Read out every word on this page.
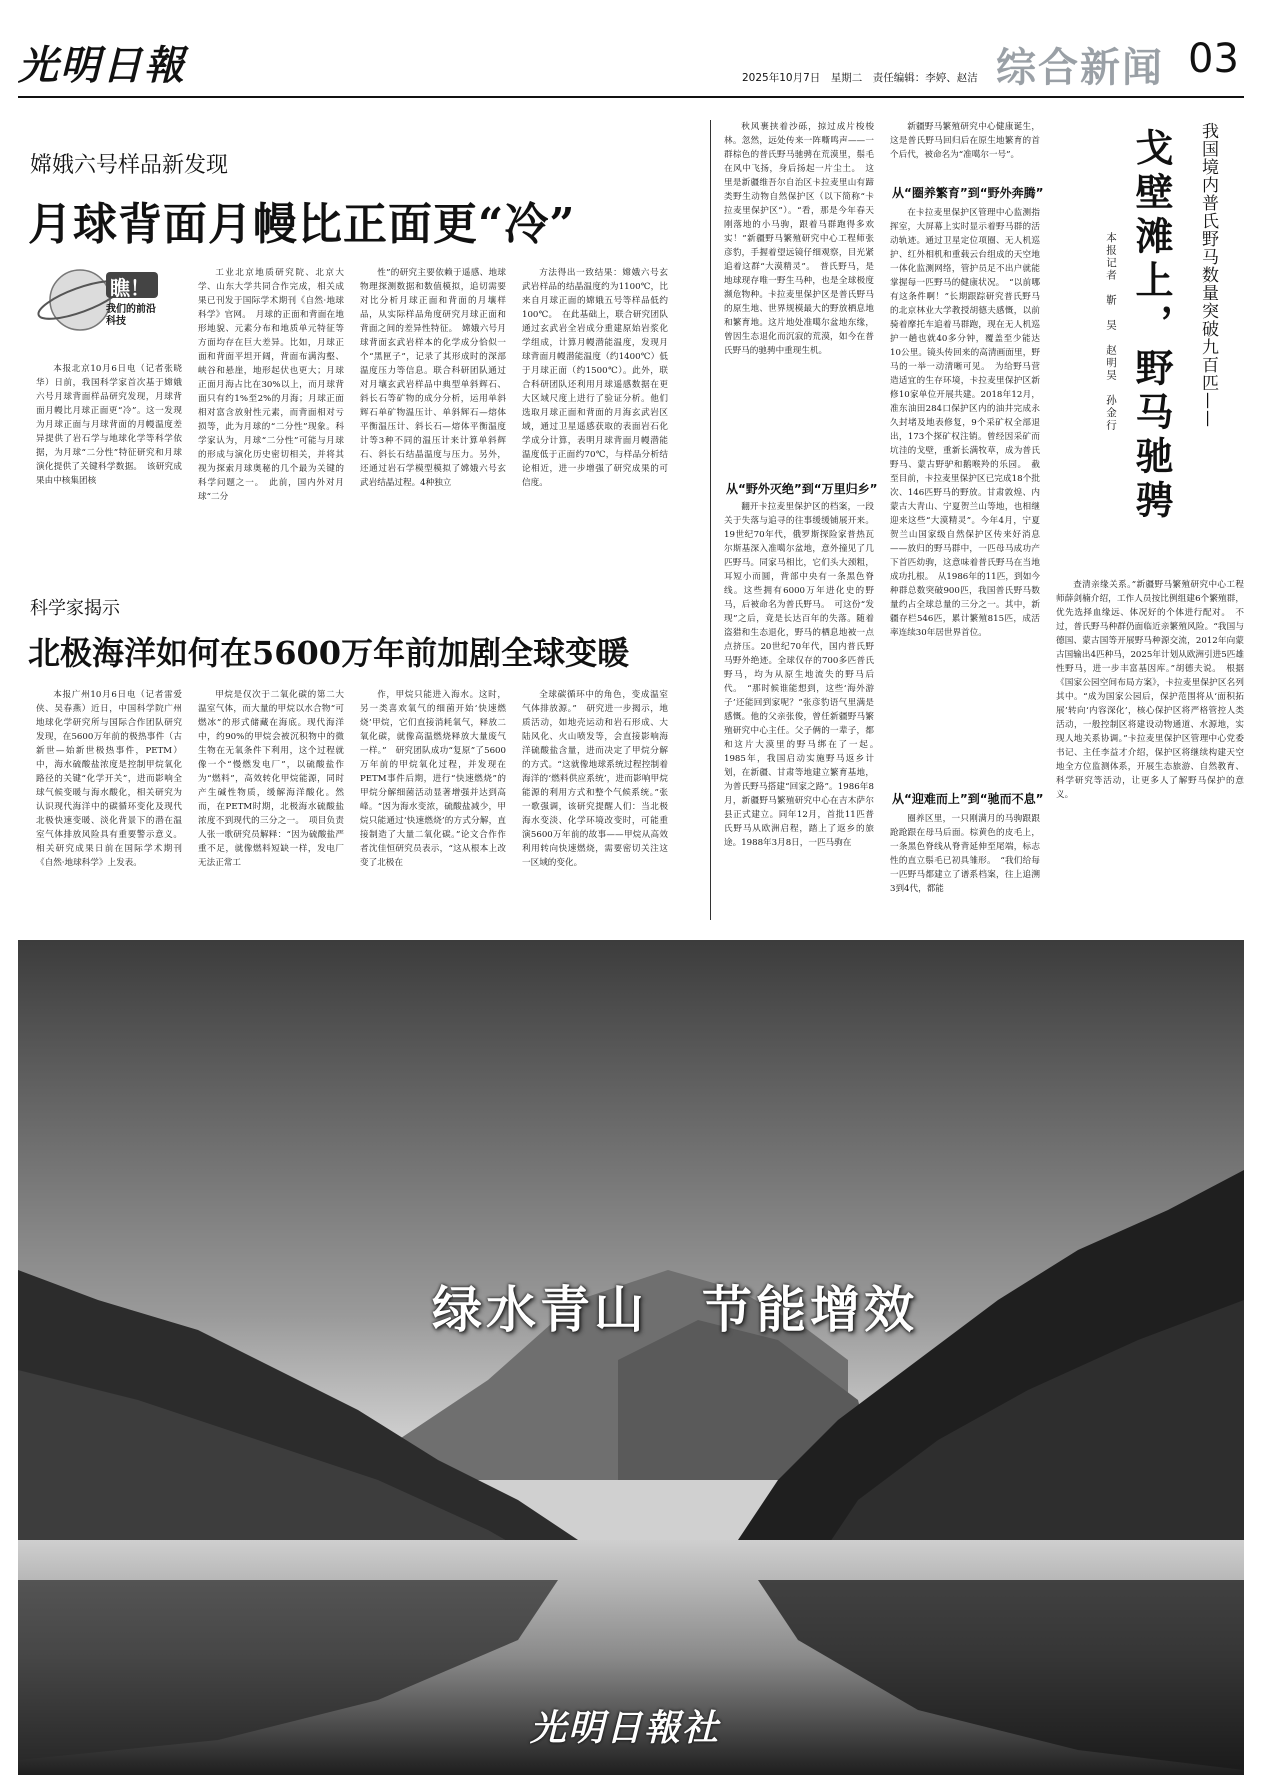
光明日報	2025年10月7日　星期二　责任编辑：李婷、赵洁 综合新闻 03
嫦娥六号样品新发现
月球背面月幔比正面更“冷”
瞧！
我们的前沿科技

本报北京10月6日电（记者张晓华）日前，我国科学家首次基于嫦娥六号月球背面样品研究发现，月球背面月幔比月球正面更“冷”。这一发现为月球正面与月球背面的月幔温度差异提供了岩石学与地球化学等科学依据，为月球“二分性”特征研究和月球演化提供了关键科学数据。　该研究成果由中核集团核

工业北京地质研究院、北京大学、山东大学共同合作完成，相关成果已刊发于国际学术期刊《自然·地球科学》官网。　月球的正面和背面在地形地貌、元素分布和地质单元特征等方面均存在巨大差异。比如，月球正面和背面平坦开阔，背面布满沟壑、峡谷和悬崖，地形起伏也更大；月球正面月海占比在30%以上，而月球背面只有约1%至2%的月海；月球正面相对富含放射性元素，而背面相对亏损等，此为月球的“二分性”现象。科学家认为，月球“二分性”可能与月球的形成与演化历史密切相关，并将其视为探索月球奥秘的几个最为关键的科学问题之一。　此前，国内外对月球“二分

性”的研究主要依赖于遥感、地球物理探测数据和数值模拟，追切需要对比分析月球正面和背面的月壤样品，从实际样品角度研究月球正面和背面之间的差异性特征。　嫦娥六号月球背面玄武岩样本的化学成分恰似一个“黑匣子”，记录了其形成时的深部温度压力等信息。联合科研团队通过对月壤玄武岩样品中典型单斜辉石、斜长石等矿物的成分分析，运用单斜辉石单矿物温压计、单斜辉石—熔体平衡温压计、斜长石—熔体平衡温度计等3种不同的温压计来计算单斜辉石、斜长石结晶温度与压力。另外，还通过岩石学模型模拟了嫦娥六号玄武岩结晶过程。4种独立

方法得出一致结果：嫦娥六号玄武岩样品的结晶温度约为1100℃，比来自月球正面的嫦娥五号等样品低约100℃。　在此基础上，联合研究团队通过玄武岩全岩成分重建原始岩浆化学组成，计算月幔潜能温度，发现月球背面月幔潜能温度（约1400℃）低于月球正面（约1500℃）。此外，联合科研团队还利用月球遥感数据在更大区域尺度上进行了验证分析。他们选取月球正面和背面的月海玄武岩区域，通过卫星遥感获取的表面岩石化学成分计算，表明月球背面月幔潜能温度低于正面约70℃，与样品分析结论相近，进一步增强了研究成果的可信度。

科学家揭示
北极海洋如何在5600万年前加剧全球变暖

本报广州10月6日电（记者雷爱侠、吴春燕）近日，中国科学院广州地球化学研究所与国际合作团队研究发现，在5600万年前的极热事件（古新世—始新世极热事件，PETM）中，海水硫酸盐浓度是控制甲烷氧化路径的关键“化学开关”，进而影响全球气候变暖与海水酸化，相关研究为认识现代海洋中的碳循环变化及现代北极快速变暖、淡化背景下的潜在温室气体排放风险具有重要警示意义。相关研究成果日前在国际学术期刊《自然·地球科学》上发表。

甲烷是仅次于二氧化碳的第二大温室气体，而大量的甲烷以水合物“可燃冰”的形式储藏在海底。现代海洋中，约90%的甲烷会被沉积物中的微生物在无氧条件下利用，这个过程就像一个“慢燃发电厂”，以硫酸盐作为“燃料”，高效转化甲烷能源，同时产生碱性物质，缓解海洋酸化。然而，在PETM时期，北极海水硫酸盐浓度不到现代的三分之一。　项目负责人张一歌研究员解释：“因为硫酸盐严重不足，就像燃料短缺一样，发电厂无法正常工

作，甲烷只能进入海水。这时，另一类喜欢氧气的细菌开始‘快速燃烧’甲烷，它们直接消耗氧气，释放二氧化碳，就像高温燃烧释放大量废气一样。”　研究团队成功“复原”了5600万年前的甲烷氧化过程，并发现在PETM事件后期，进行“快速燃烧”的甲烷分解细菌活动显著增强并达到高峰。“因为海水变浓，硫酸盐减少，甲烷只能通过‘快速燃烧’的方式分解，直接制造了大量二氧化碳。”论文合作作者沈佳恒研究员表示，“这从根本上改变了北极在

全球碳循环中的角色，变成温室气体排放源。”　研究进一步揭示，地质活动，如地壳运动和岩石形成、大陆风化、火山喷发等，会直接影响海洋硫酸盐含量，进而决定了甲烷分解的方式。“这就像地球系统过程控制着海洋的‘燃料供应系统’，进而影响甲烷能源的利用方式和整个气候系统。”张一歌强调，该研究提醒人们：当北极海水变淡、化学环境改变时，可能重演5600万年前的故事——甲烷从高效利用转向快速燃烧，需要密切关注这一区域的变化。

我国境内普氏野马数量突破九百匹——
戈壁滩上，野马驰骋
本报记者　靳　昊　赵明昊　孙金行

秋风裹挟着沙砾，掠过成片梭梭林。忽然，远处传来一阵嘶鸣声——一群棕色的普氏野马驰骋在荒漠里，鬃毛在风中飞扬，身后扬起一片尘土。　这里是新疆维吾尔自治区卡拉麦里山有蹄类野生动物自然保护区（以下简称“卡拉麦里保护区”）。“看，那是今年春天刚落地的小马驹，跟着马群跑得多欢实！”新疆野马繁殖研究中心工程师张彦豹，手握着望远镜仔细观察，目光紧追着这群“大漠精灵”。　普氏野马，是地球现存唯一野生马种，也是全球极度濒危物种。卡拉麦里保护区是普氏野马的原生地、世界规模最大的野放栖息地和繁育地。这片地处准噶尔盆地东缘，曾因生态退化而沉寂的荒漠，如今在普氏野马的驰骋中重现生机。

从“野外灭绝”到“万里归乡”

翻开卡拉麦里保护区的档案，一段关于失落与追寻的往事缓缓铺展开来。19世纪70年代，俄罗斯探险家普热瓦尔斯基深入准噶尔盆地，意外撞见了几匹野马。同家马相比，它们头大颈粗，耳短小而圆，背部中央有一条黑色脊线。这些拥有6000万年进化史的野马，后被命名为普氏野马。　可这份“发现”之后，竟是长达百年的失落。随着盗猎和生态退化，野马的栖息地被一点点挤压。20世纪70年代，国内普氏野马野外绝迹。全球仅存的700多匹普氏野马，均为从原生地流失的野马后代。　“那时候谁能想到，这些‘海外游子’还能回到家呢？”张彦豹语气里满是感慨。他的父亲张俊，曾任新疆野马繁殖研究中心主任。父子俩的一辈子，都和这片大漠里的野马绑在了一起。　1985年，我国启动实施野马返乡计划，在新疆、甘肃等地建立繁育基地，为普氏野马搭建“回家之路”。1986年8月，新疆野马繁殖研究中心在吉木萨尔县正式建立。同年12月，首批11匹普氏野马从欧洲启程，踏上了返乡的旅途。1988年3月8日，一匹马驹在

新疆野马繁殖研究中心健康诞生，这是普氏野马回归后在原生地繁育的首个后代，被命名为“准噶尔一号”。

从“圈养繁育”到“野外奔腾”

在卡拉麦里保护区管理中心监测指挥室，大屏幕上实时显示着野马群的活动轨迹。通过卫星定位项圈、无人机巡护、红外相机和重载云台组成的天空地一体化监测网络，管护员足不出户就能掌握每一匹野马的健康状况。　“以前哪有这条件啊！”长期跟踪研究普氏野马的北京林业大学教授胡德夫感慨，以前骑着摩托车追着马群跑，现在无人机巡护一趟也就40多分钟，覆盖至少能达10公里。镜头传回来的高清画面里，野马的一举一动清晰可见。　为给野马营造适宜的生存环境，卡拉麦里保护区新修10家单位开展共建。2018年12月，准东油田284口保护区内的油井完成永久封堵及地表修复，9个采矿权全部退出，173个探矿权注销。曾经因采矿而坑洼的戈壁，重新长满牧草，成为普氏野马、蒙古野驴和鹅喉羚的乐园。　截至目前，卡拉麦里保护区已完成18个批次、146匹野马的野放。甘肃敦煌、内蒙古大青山、宁夏贺兰山等地，也相继迎来这些“大漠精灵”。今年4月，宁夏贺兰山国家级自然保护区传来好消息——放归的野马群中，一匹母马成功产下首匹幼驹，这意味着普氏野马在当地成功扎根。　从1986年的11匹，到如今种群总数突破900匹，我国普氏野马数量约占全球总量的三分之一。其中，新疆存栏546匹，累计繁殖815匹，成活率连续30年居世界首位。

从“迎难而上”到“驰而不息”

圈养区里，一只刚满月的马驹跟跟跄跄跟在母马后面。棕黄色的皮毛上，一条黑色脊线从脊背延伸至尾端，标志性的直立鬃毛已初具雏形。　“我们给每一匹野马都建立了谱系档案，往上追溯3到4代，都能

查清亲缘关系。”新疆野马繁殖研究中心工程师薛剑楠介绍，工作人员按比例组建6个繁殖群，优先选择血缘远、体况好的个体进行配对。　不过，普氏野马种群仍面临近亲繁殖风险。“我国与德国、蒙古国等开展野马种源交流，2012年向蒙古国输出4匹种马，2025年计划从欧洲引进5匹雄性野马，进一步丰富基因库。”胡德夫说。　根据《国家公园空间布局方案》，卡拉麦里保护区名列其中。“成为国家公园后，保护范围将从‘面积拓展’转向‘内容深化’，核心保护区将严格管控人类活动，一般控制区将建设动物通道、水源地，实现人地关系协调。”卡拉麦里保护区管理中心党委书记、主任李益才介绍，保护区将继续构建天空地全方位监测体系，开展生态旅游、自然教育、科学研究等活动，让更多人了解野马保护的意义。

绿水青山　节能增效
光明日報社
